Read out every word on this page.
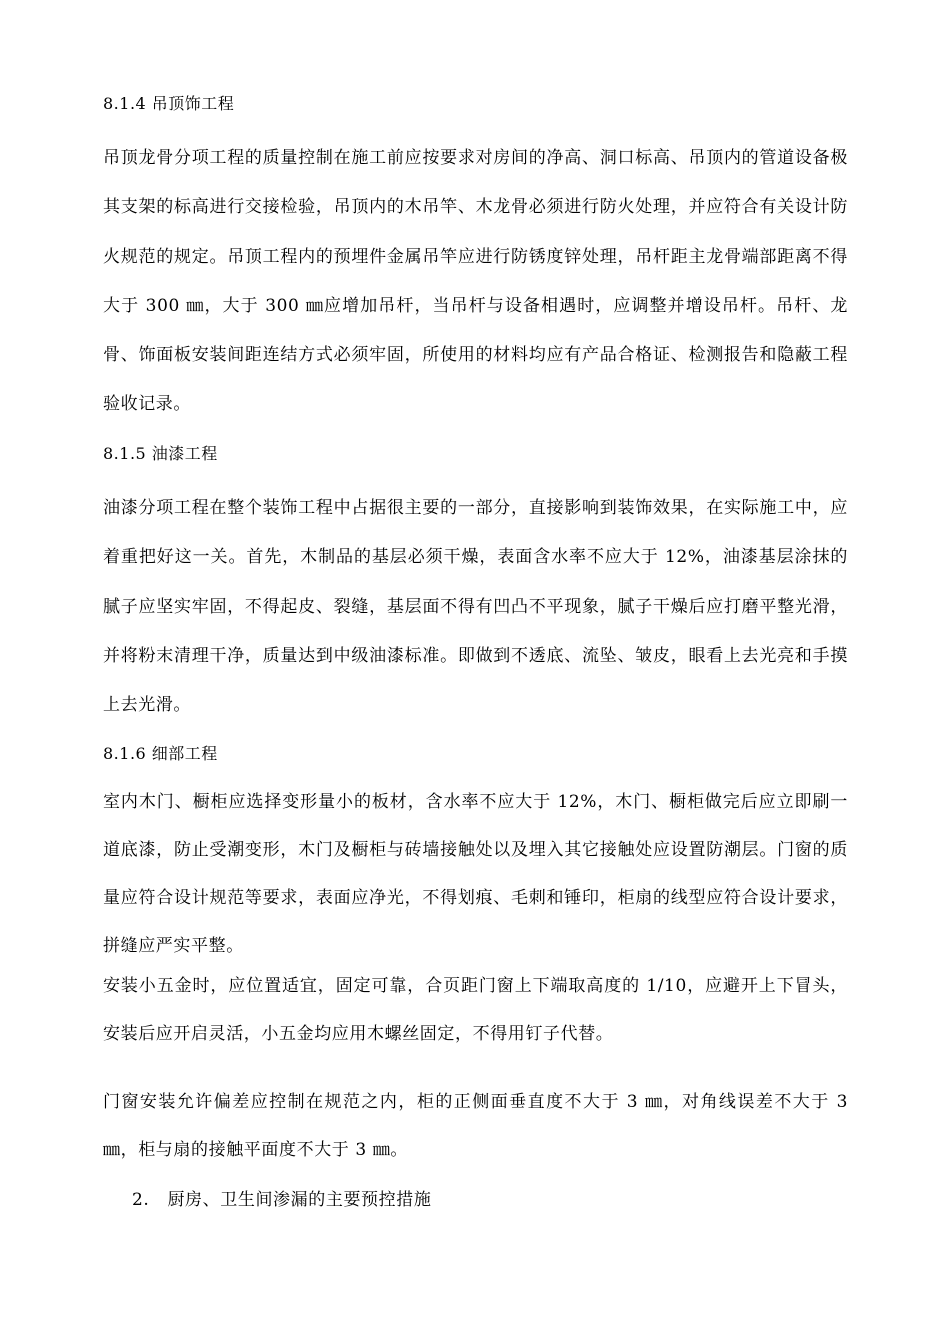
8.1.4 吊顶饰工程
吊顶龙骨分项工程的质量控制在施工前应按要求对房间的净高、洞口标高、吊顶内的管道设备极其支架的标高进行交接检验，吊顶内的木吊竿、木龙骨必须进行防火处理，并应符合有关设计防火规范的规定。吊顶工程内的预埋件金属吊竿应进行防锈度锌处理，吊杆距主龙骨端部距离不得大于 300 ㎜，大于 300 ㎜应增加吊杆，当吊杆与设备相遇时，应调整并增设吊杆。吊杆、龙骨、饰面板安装间距连结方式必须牢固，所使用的材料均应有产品合格证、检测报告和隐蔽工程验收记录。
8.1.5 油漆工程
油漆分项工程在整个装饰工程中占据很主要的一部分，直接影响到装饰效果，在实际施工中，应着重把好这一关。首先，木制品的基层必须干燥，表面含水率不应大于 12%，油漆基层涂抹的腻子应坚实牢固，不得起皮、裂缝，基层面不得有凹凸不平现象，腻子干燥后应打磨平整光滑，并将粉末清理干净，质量达到中级油漆标准。即做到不透底、流坠、皱皮，眼看上去光亮和手摸上去光滑。
8.1.6 细部工程
室内木门、橱柜应选择变形量小的板材，含水率不应大于 12%，木门、橱柜做完后应立即刷一道底漆，防止受潮变形，木门及橱柜与砖墙接触处以及埋入其它接触处应设置防潮层。门窗的质量应符合设计规范等要求，表面应净光，不得划痕、毛刺和锤印，柜扇的线型应符合设计要求，拼缝应严实平整。
安装小五金时，应位置适宜，固定可靠，合页距门窗上下端取高度的 1/10，应避开上下冒头，安装后应开启灵活，小五金均应用木螺丝固定，不得用钉子代替。
门窗安装允许偏差应控制在规范之内，柜的正侧面垂直度不大于 3 ㎜，对角线误差不大于 3 ㎜，柜与扇的接触平面度不大于 3 ㎜。
2. 厨房、卫生间渗漏的主要预控措施
